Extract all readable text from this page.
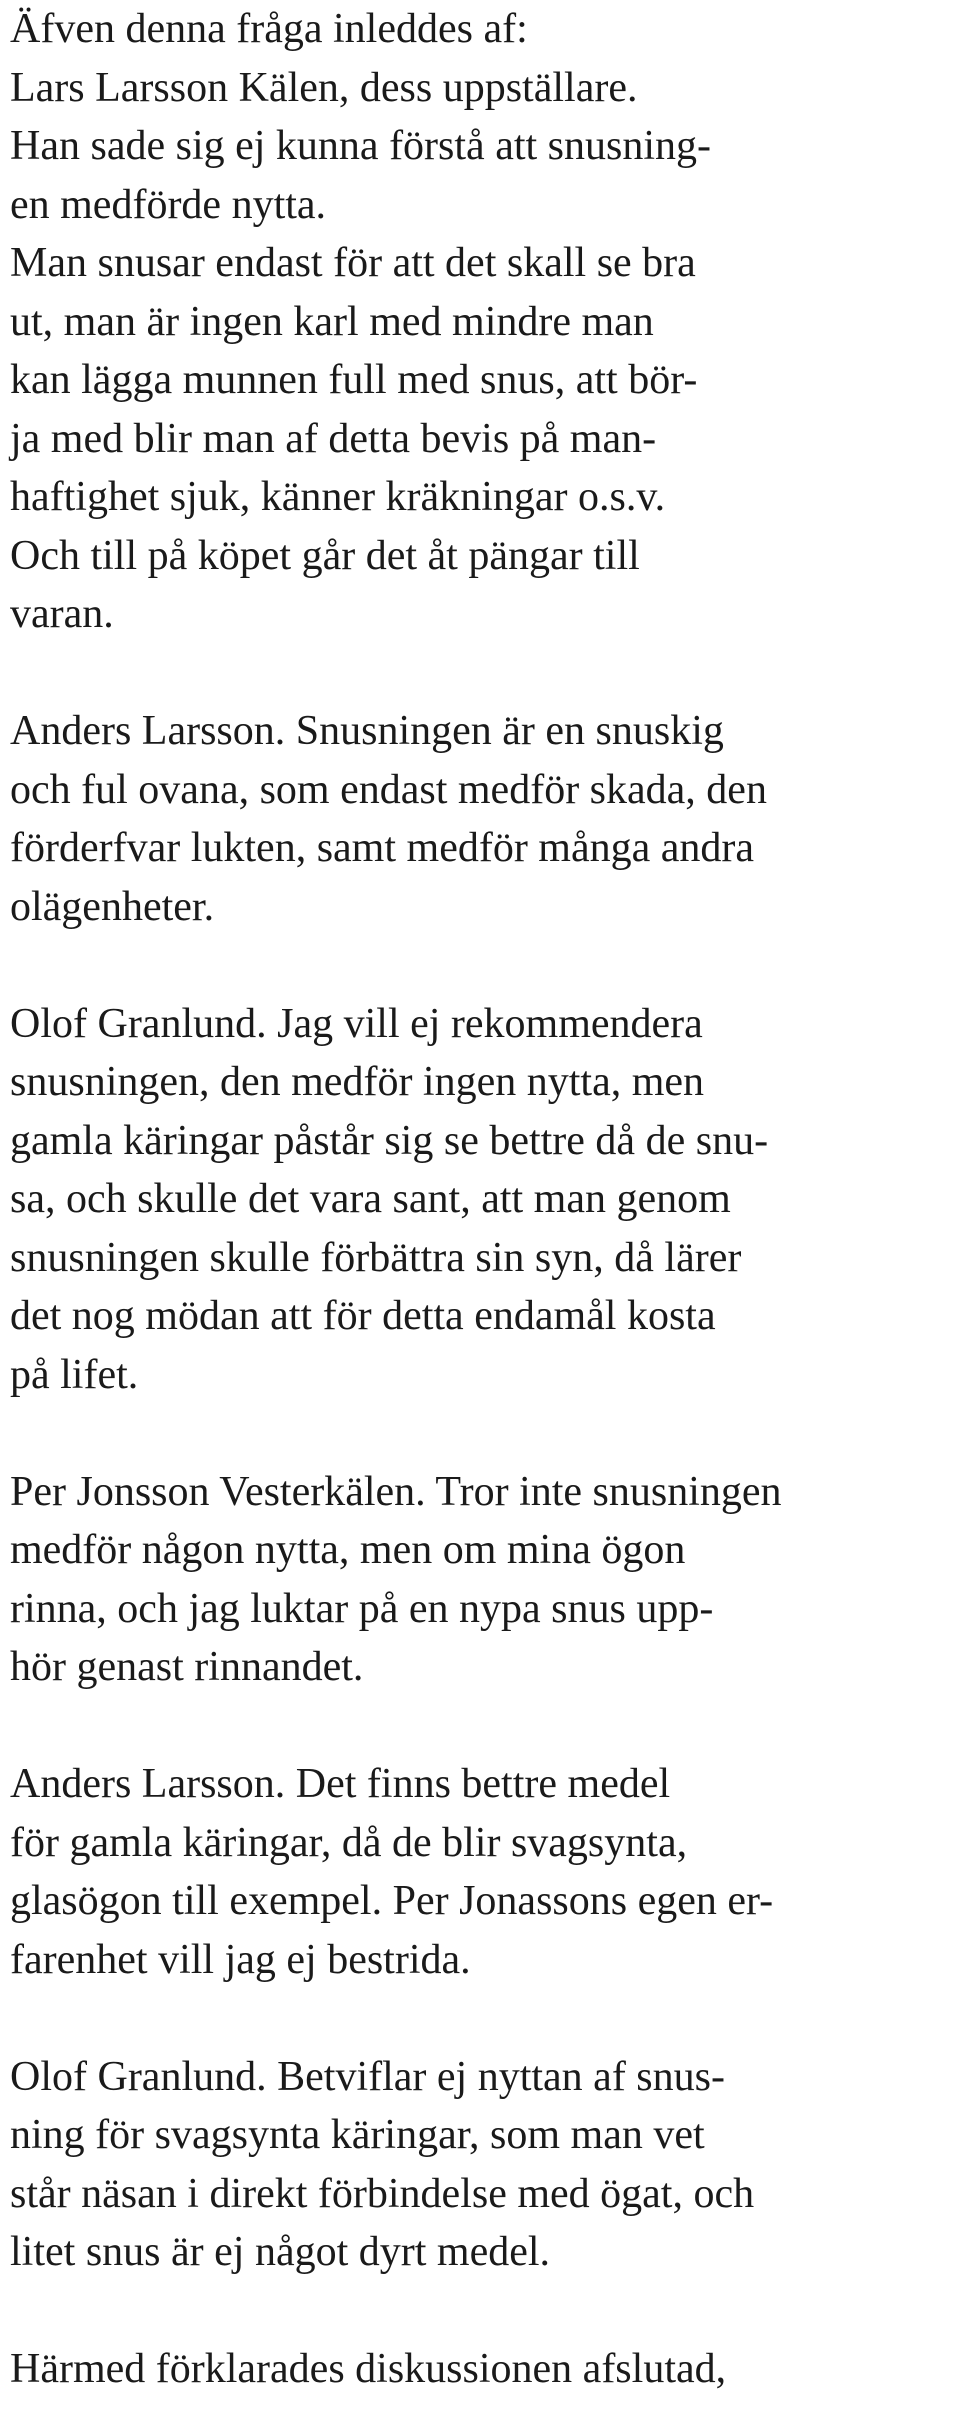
Äfven denna fråga inleddes af:
Lars Larsson Kälen, dess uppställare.
Han sade sig ej kunna förstå att snusning-
en medförde nytta.
Man snusar endast för att det skall se bra
ut, man är ingen karl med mindre man
kan lägga munnen full med snus, att bör-
ja med blir man af detta bevis på man-
haftighet sjuk, känner kräkningar o.s.v.
Och till på köpet går det åt pängar till
varan.
Anders Larsson. Snusningen är en snuskig
och ful ovana, som endast medför skada, den
förderfvar lukten, samt medför många andra
olägenheter.
Olof Granlund. Jag vill ej rekommendera
snusningen, den medför ingen nytta, men
gamla käringar påstår sig se bettre då de snu-
sa, och skulle det vara sant, att man genom
snusningen skulle förbättra sin syn, då lärer
det nog mödan att för detta endamål kosta
på lifet.
Per Jonsson Vesterkälen. Tror inte snusningen
medför någon nytta, men om mina ögon
rinna, och jag luktar på en nypa snus upp-
hör genast rinnandet.
Anders Larsson. Det finns bettre medel
för gamla käringar, då de blir svagsynta,
glasögon till exempel. Per Jonassons egen er-
farenhet vill jag ej bestrida.
Olof Granlund. Betviflar ej nyttan af snus-
ning för svagsynta käringar, som man vet
står näsan i direkt förbindelse med ögat, och
litet snus är ej något dyrt medel.
Härmed förklarades diskussionen afslutad,
